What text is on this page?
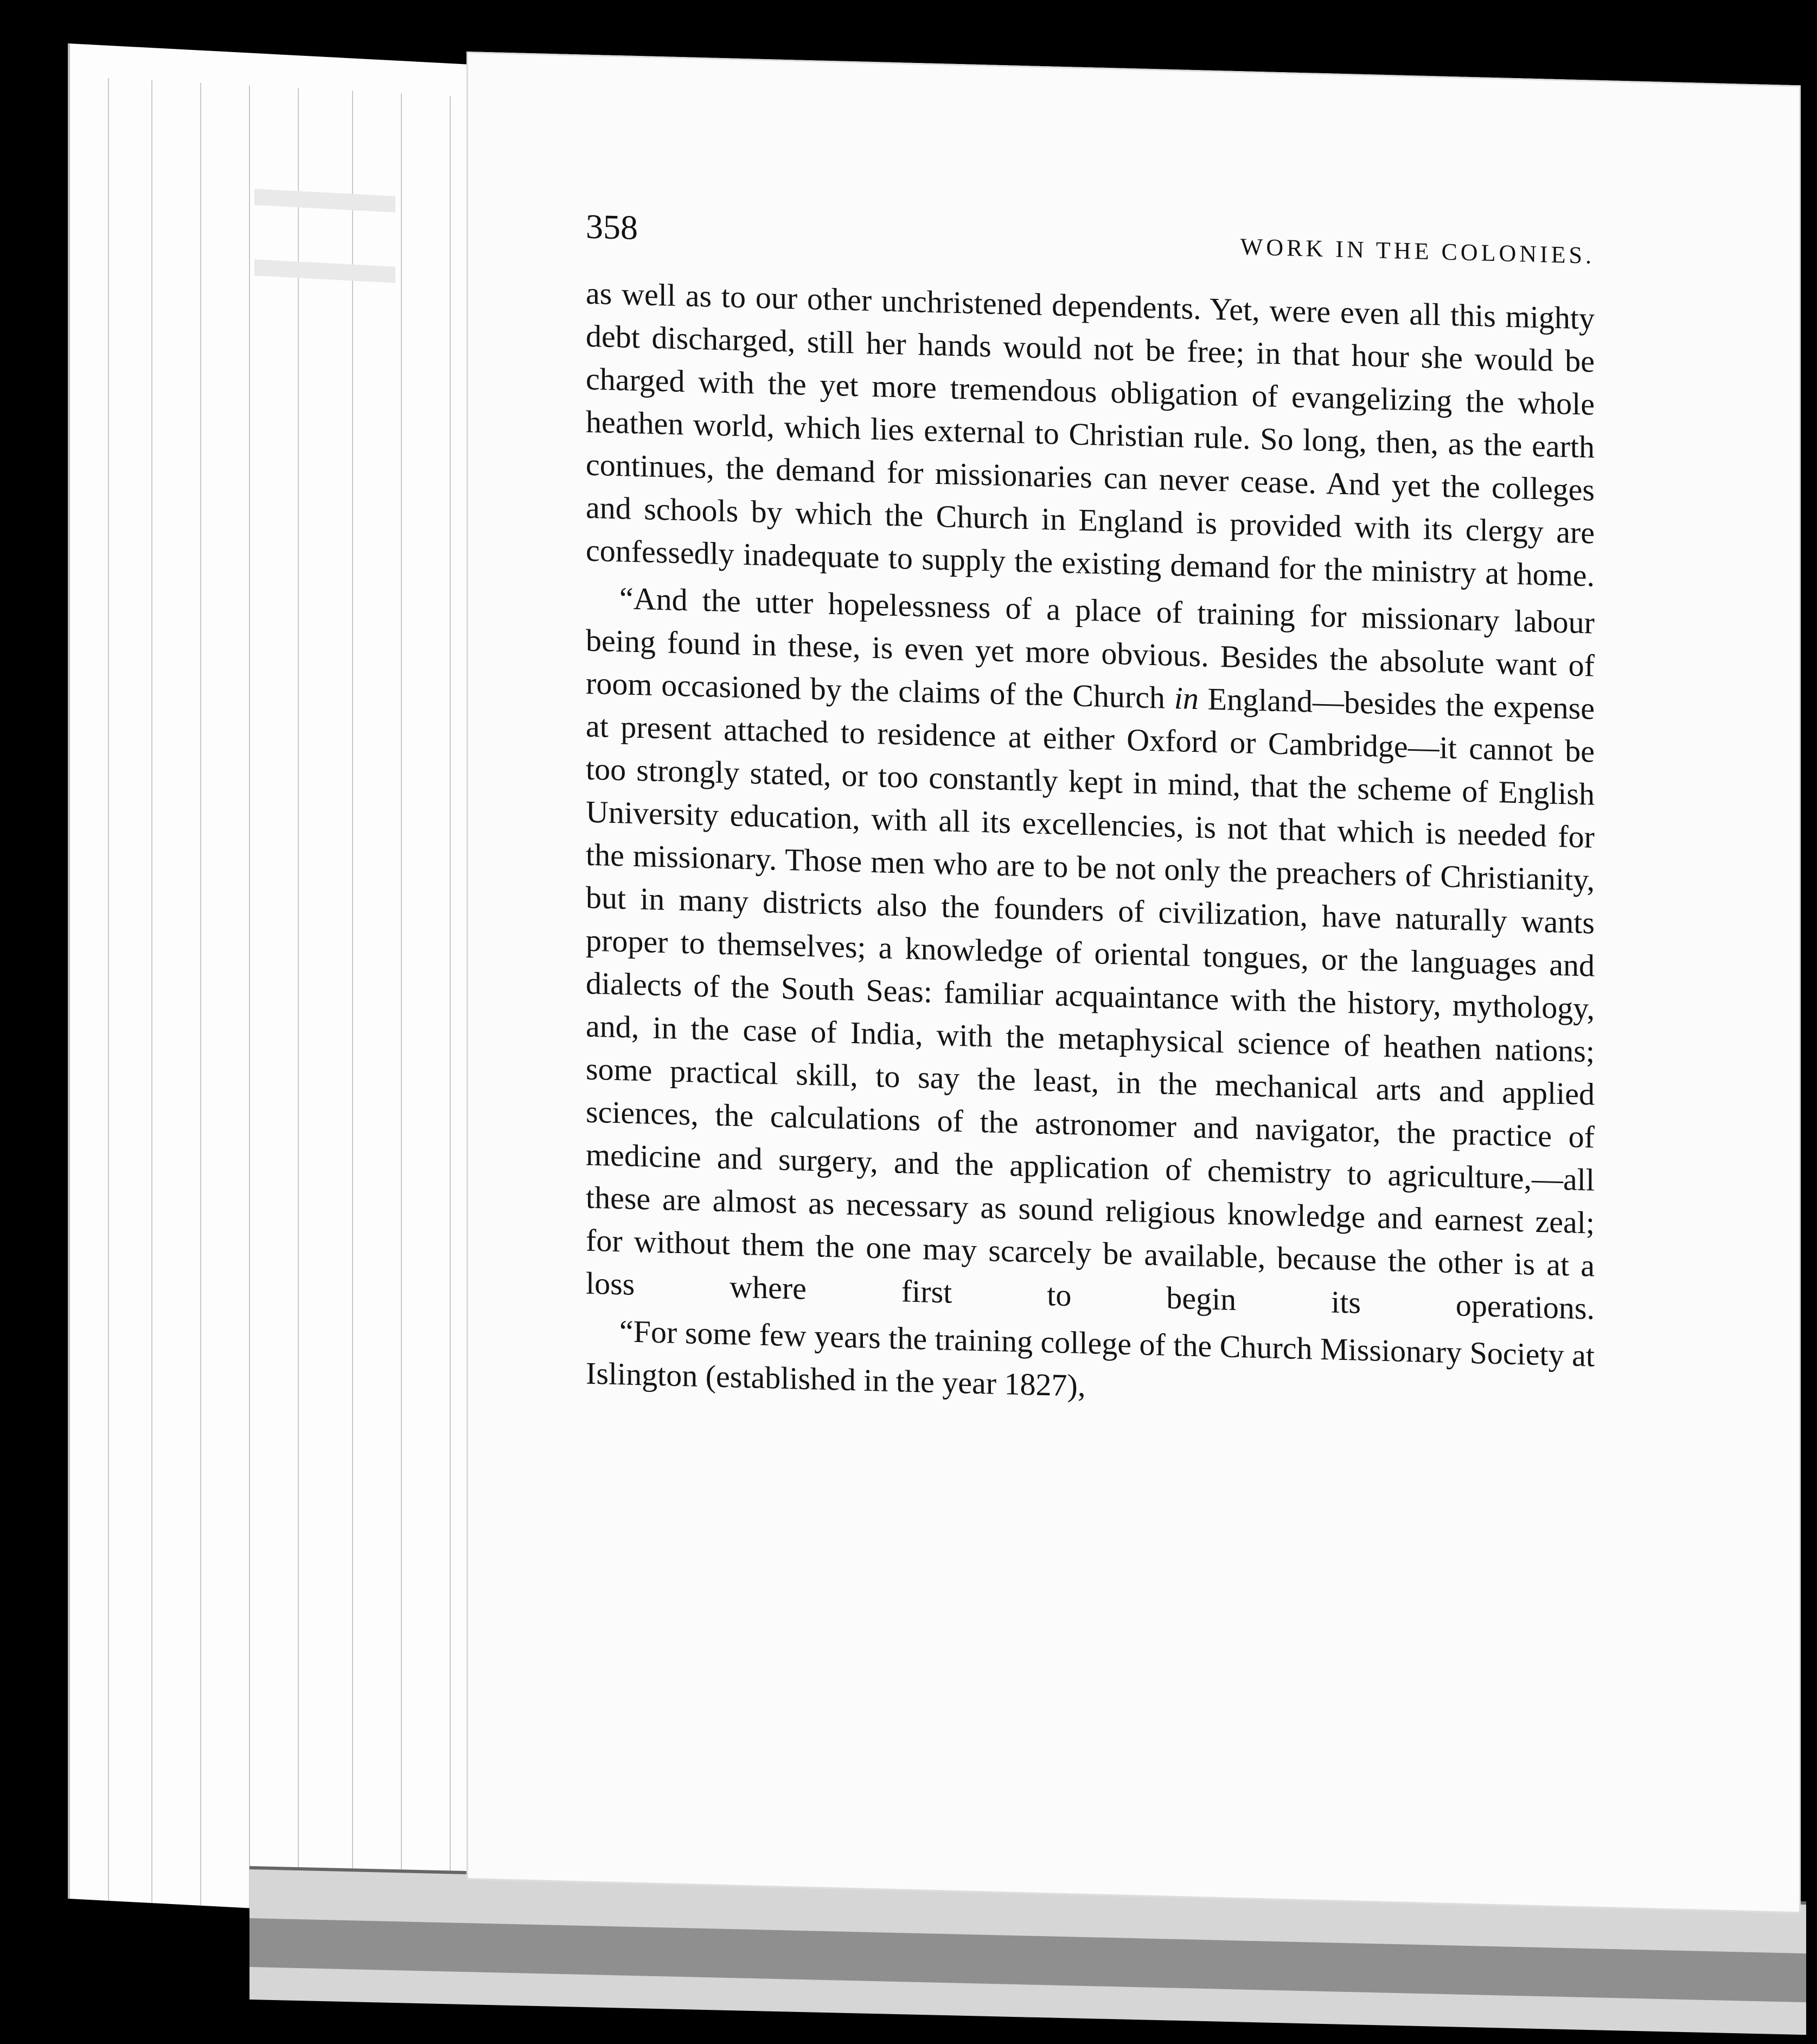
358
WORK IN THE COLONIES.

as well as to our other unchristened dependents. Yet, were even all this mighty debt discharged, still her hands would not be free; in that hour she would be charged with the yet more tremendous obligation of evangelizing the whole heathen world, which lies external to Christian rule. So long, then, as the earth continues, the demand for missionaries can never cease. And yet the colleges and schools by which the Church in England is provided with its clergy are confessedly inadequate to supply the existing demand for the ministry at home.

“And the utter hopelessness of a place of training for missionary labour being found in these, is even yet more obvious. Besides the absolute want of room occasioned by the claims of the Church in England—besides the expense at present attached to residence at either Oxford or Cambridge—it cannot be too strongly stated, or too constantly kept in mind, that the scheme of English University education, with all its excellencies, is not that which is needed for the missionary. Those men who are to be not only the preachers of Christianity, but in many districts also the founders of civilization, have naturally wants proper to themselves; a knowledge of oriental tongues, or the languages and dialects of the South Seas: familiar acquaintance with the history, mythology, and, in the case of India, with the metaphysical science of heathen nations; some practical skill, to say the least, in the mechanical arts and applied sciences, the calculations of the astronomer and navigator, the practice of medicine and surgery, and the application of chemistry to agriculture,—all these are almost as necessary as sound religious knowledge and earnest zeal; for without them the one may scarcely be available, because the other is at a loss where first to begin its operations.

“For some few years the training college of the Church Missionary Society at Islington (established in the year 1827),
